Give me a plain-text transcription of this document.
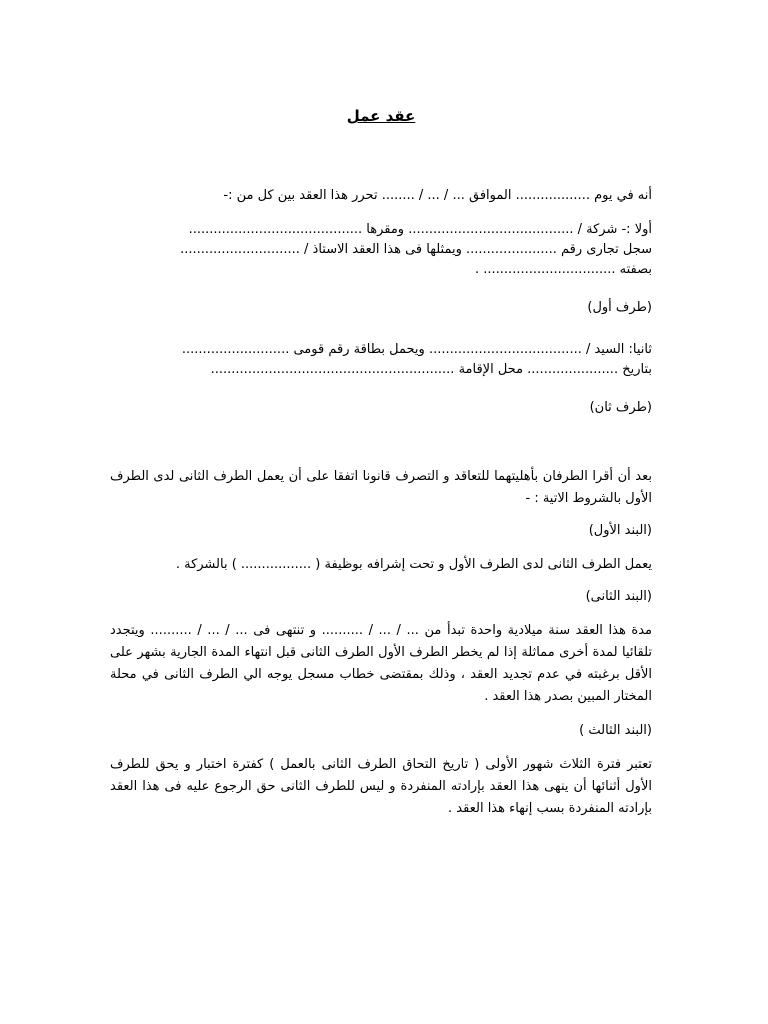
عقد عمل

أنه في يوم .................. الموافق ... / ... / ........ تحرر هذا العقد بين كل من :-

أولا :- شركة / ........................................ ومقرها ..........................................

سجل تجارى رقم ...................... ويمثلها فى هذا العقد الاستاذ / .............................

بصفته ................................ .

(طرف أول)

ثانيا: السيد / ..................................... ويحمل بطاقة رقم قومى ..........................

بتاريخ ...................... محل الإقامة ...........................................................

(طرف ثان)

بعد أن أقرا الطرفان بأهليتهما للتعاقد و التصرف قانونا اتفقا على أن يعمل الطرف الثانى لدى الطرف الأول بالشروط الاتية : -

(البند الأول)

يعمل الطرف الثانى لدى الطرف الأول و تحت إشرافه بوظيفة ( ................. ) بالشركة .

(البند الثانى)

مدة هذا العقد سنة ميلادية واحدة تبدأ من ... / ... / .......... و تنتهى فى ... / ... / .......... ويتجدد تلقائيا لمدة أخرى مماثلة إذا لم يخطر الطرف الأول الطرف الثانى قبل انتهاء المدة الجارية بشهر على الأقل برغبته في عدم تجديد العقد ، وذلك بمقتضى خطاب مسجل يوجه الي الطرف الثانى في محلة المختار المبين بصدر هذا العقد .

(البند الثالث )

تعتبر فترة الثلاث شهور الأولى ( تاريخ التحاق الطرف الثانى بالعمل ) كفترة اختبار و يحق للطرف الأول أثنائها أن ينهى هذا العقد بإرادته المنفردة و ليس للطرف الثانى حق الرجوع عليه فى هذا العقد بإرادته المنفردة بسب إنهاء هذا العقد .
